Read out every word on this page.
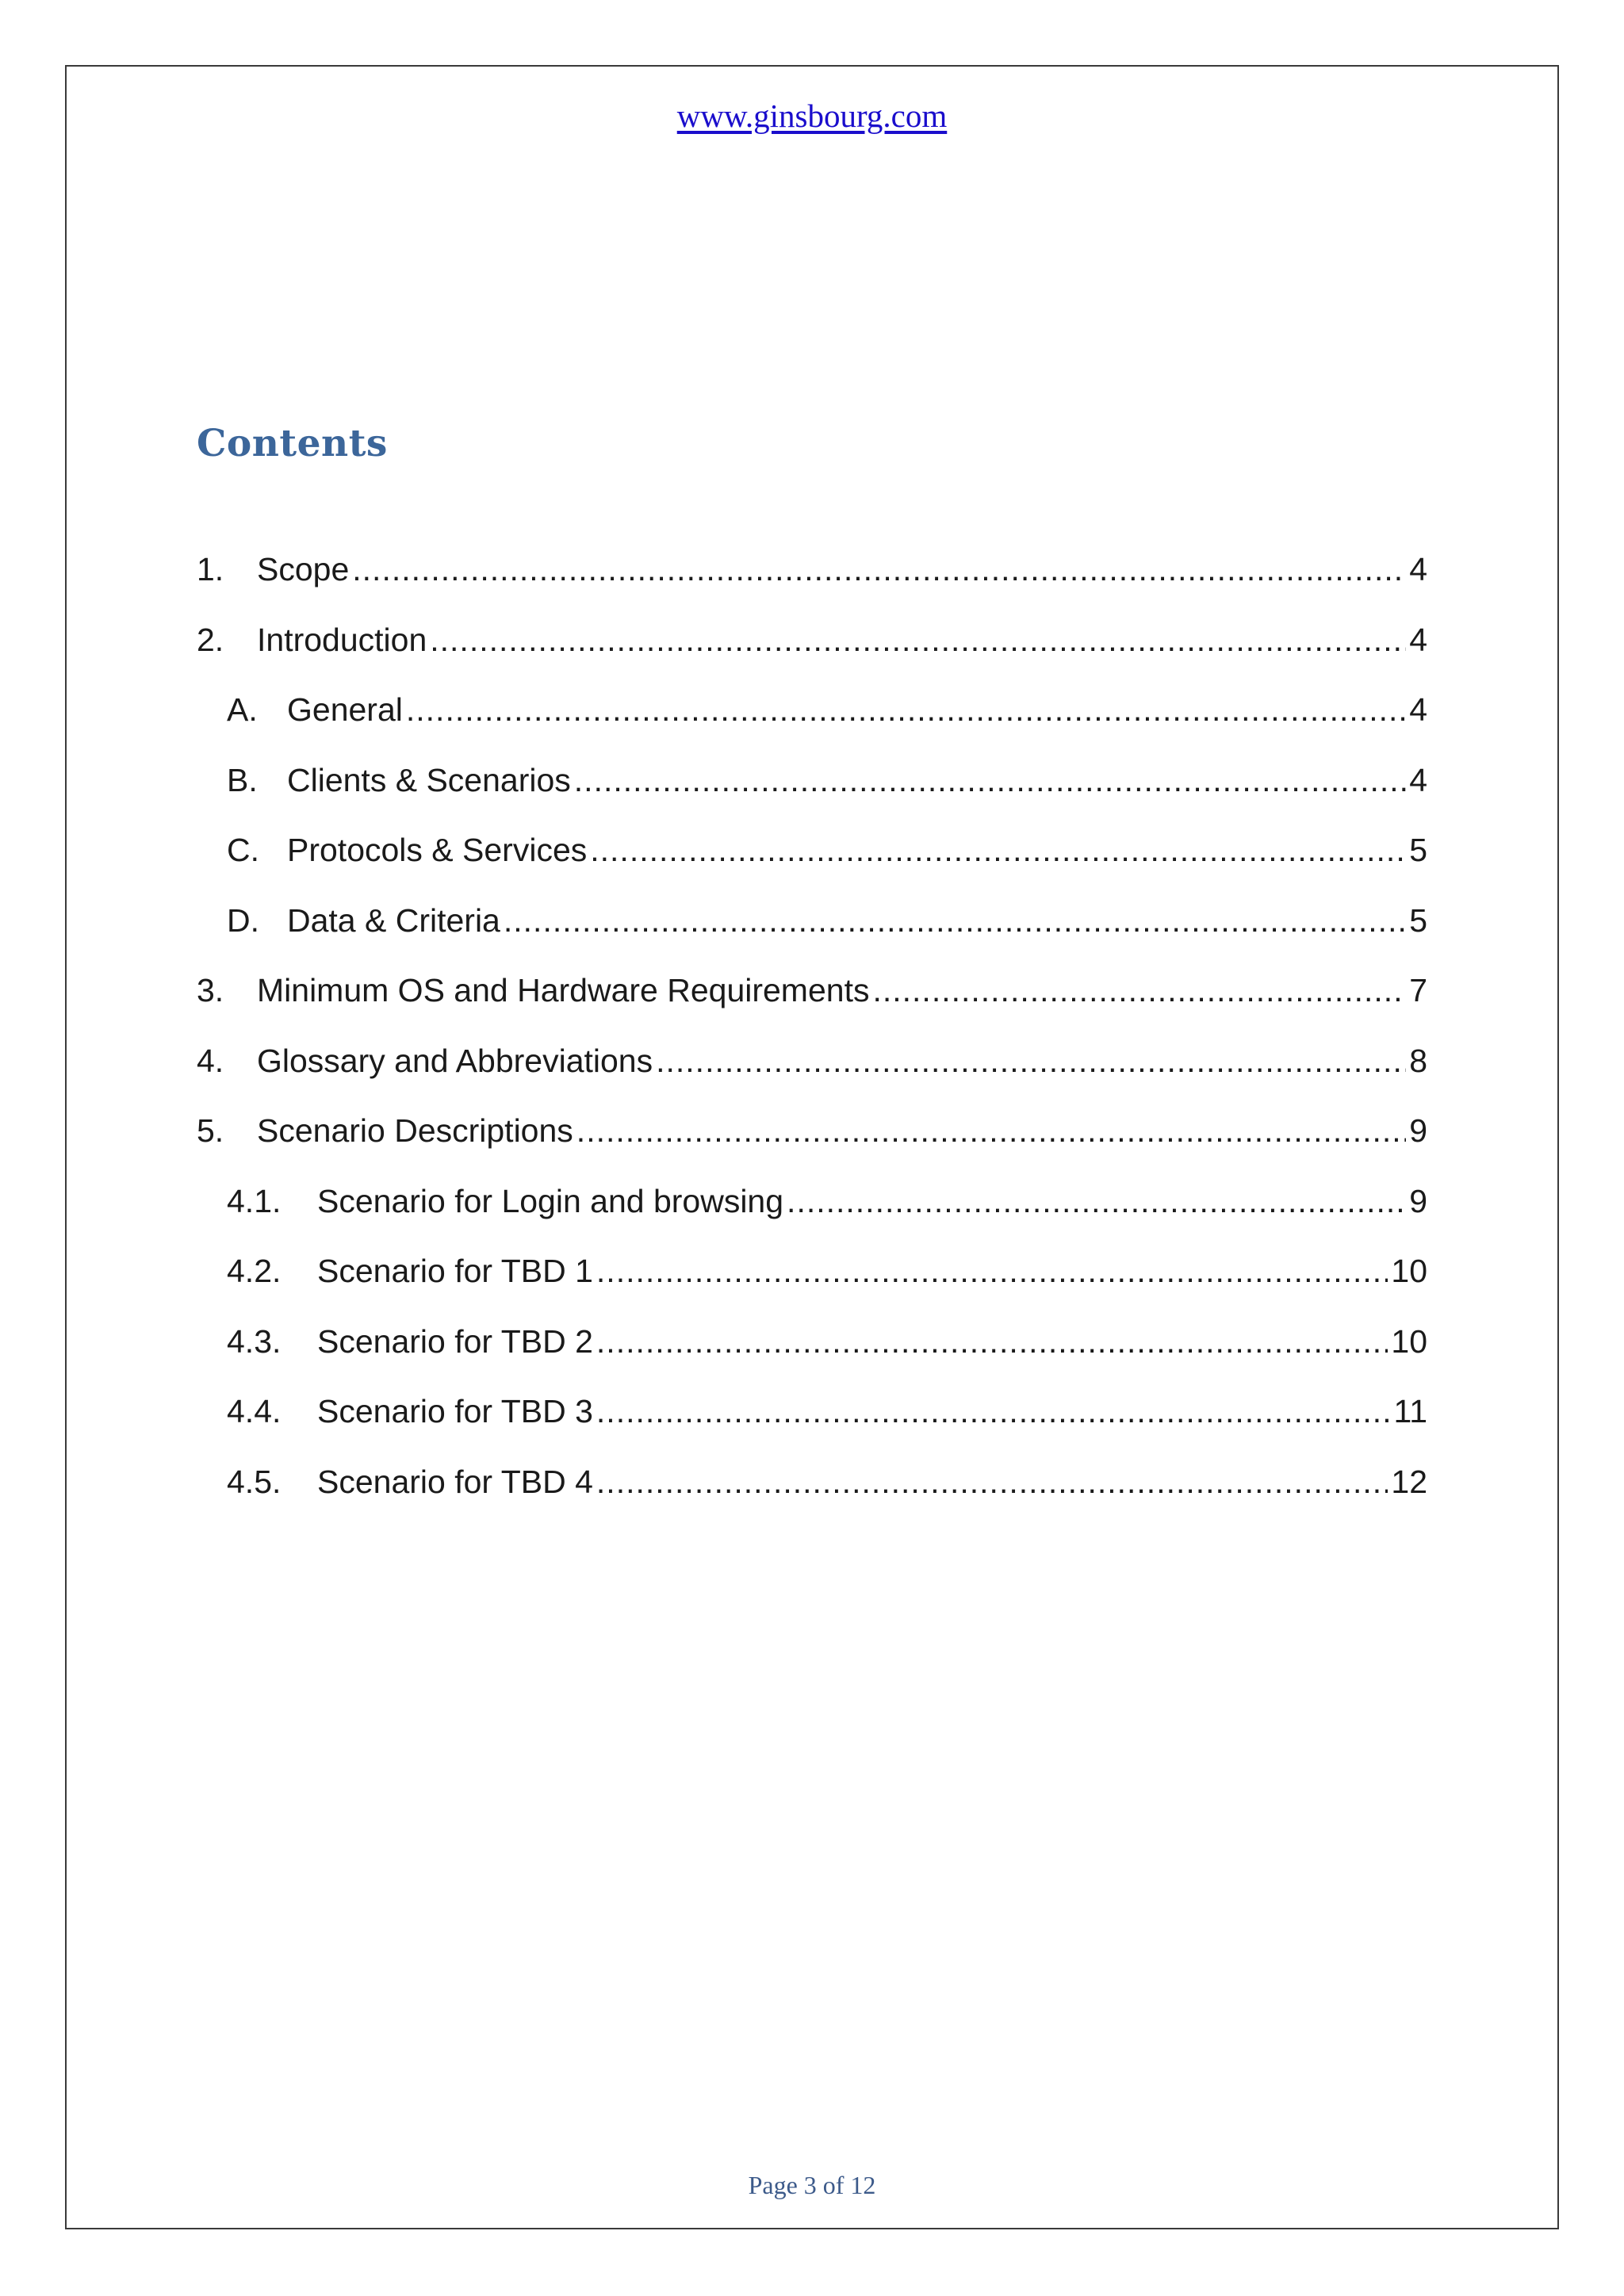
www.ginsbourg.com
Contents
1.	Scope .....	4
2.	Introduction .....	4
A. General .....	4
B. Clients & Scenarios .....	4
C. Protocols & Services .....	5
D. Data & Criteria .....	5
3.	Minimum OS and Hardware Requirements .....	7
4.	Glossary and Abbreviations .....	8
5.	Scenario Descriptions .....	9
4.1.	Scenario for Login and browsing .....	9
4.2.	Scenario for TBD 1 .....	10
4.3.	Scenario for TBD 2 .....	10
4.4.	Scenario for TBD 3 .....	11
4.5.	Scenario for TBD 4 .....	12
Page 3 of 12
